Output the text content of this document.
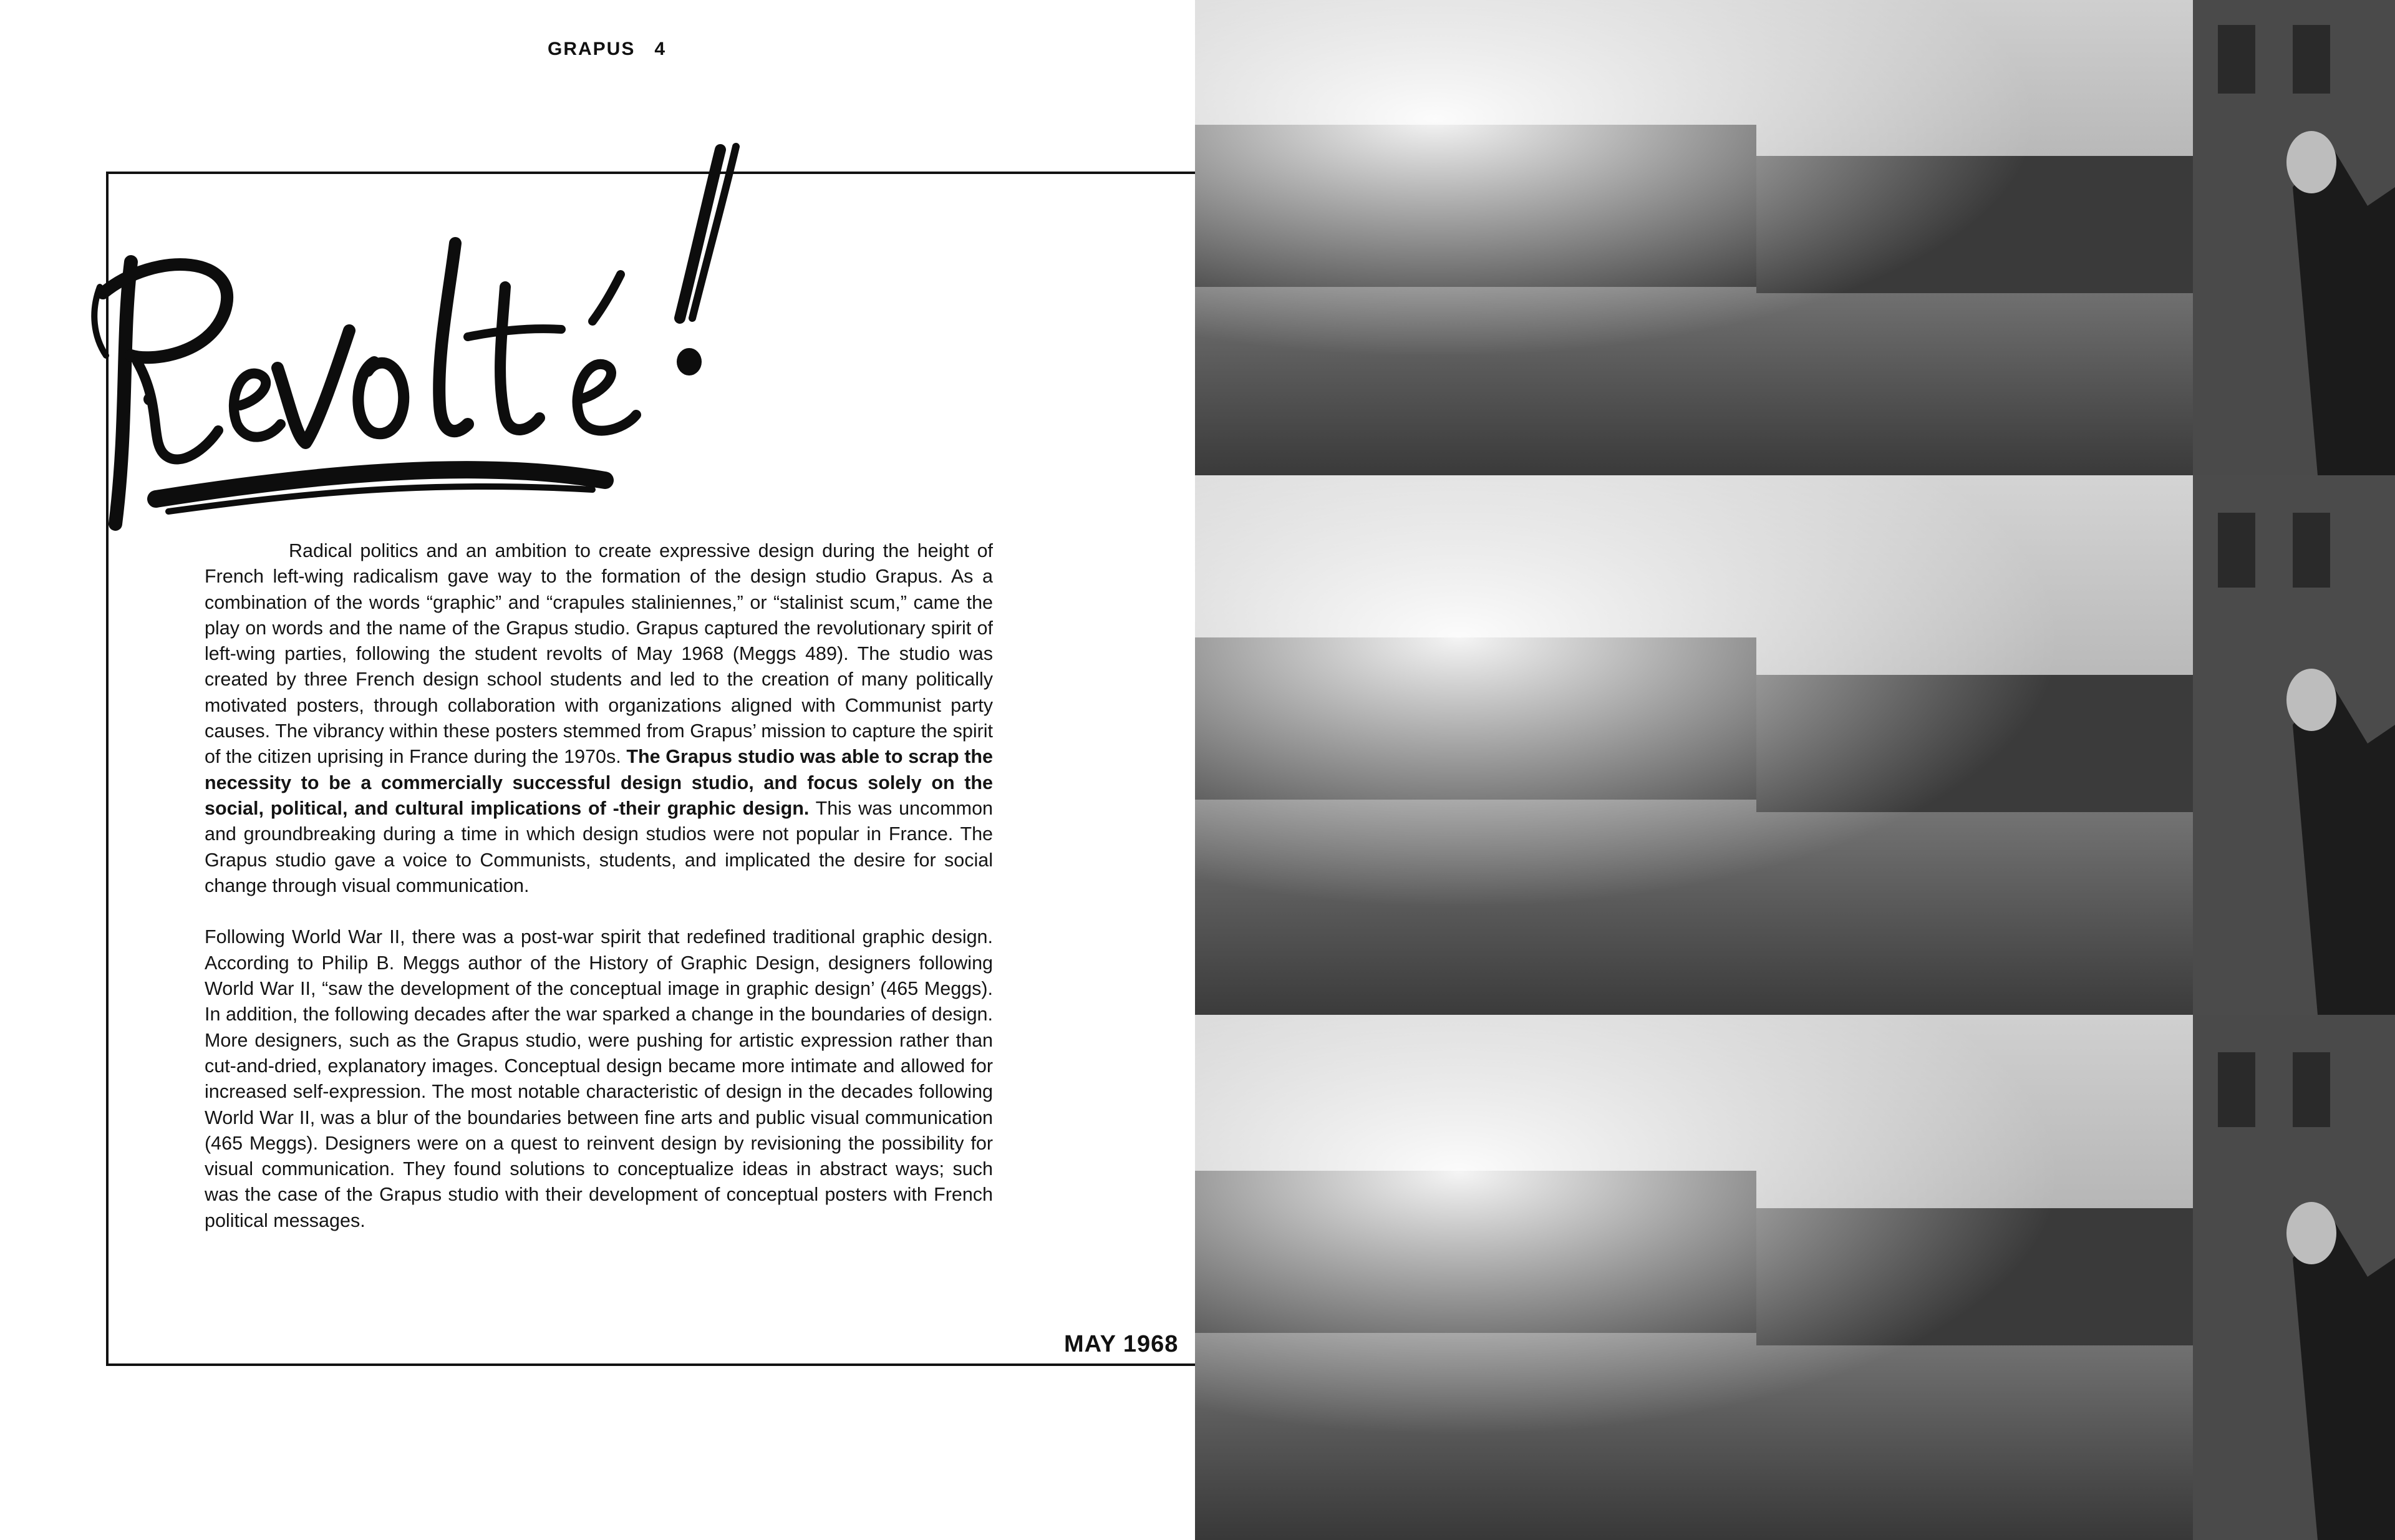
GRAPUS   4

Radical politics and an ambition to create expressive design during the height of French left-wing radicalism gave way to the formation of the design studio Grapus. As a combination of the words “graphic” and “crapules staliniennes,” or “stalinist scum,” came the play on words and the name of the Grapus studio. Grapus captured the revolutionary spirit of left-wing parties, following the student revolts of May 1968 (Meggs 489). The studio was created by three French design school students and led to the creation of many politically motivated posters, through collaboration with organizations aligned with Communist party causes. The vibrancy within these posters stemmed from Grapus’ mission to capture the spirit of the citizen uprising in France during the 1970s. The Grapus studio was able to scrap the necessity to be a commercially successful design studio, and focus solely on the social, political, and cultural implications of -their graphic design. This was uncommon and groundbreaking during a time in which design studios were not popular in France. The Grapus studio gave a voice to Communists, students, and implicated the desire for social change through visual communication.

Following World War II, there was a post-war spirit that redefined traditional graphic design. According to Philip B. Meggs author of the History of Graphic Design, designers following World War II, “saw the development of the conceptual image in graphic design’ (465 Meggs). In addition, the following decades after the war sparked a change in the boundaries of design. More designers, such as the Grapus studio, were pushing for artistic expression rather than cut-and-dried, explanatory images. Conceptual design became more intimate and allowed for increased self-expression. The most notable characteristic of design in the decades following World War II, was a blur of the boundaries between fine arts and public visual communication (465 Meggs). Designers were on a quest to reinvent design by revisioning the possibility for visual communication. They found solutions to conceptualize ideas in abstract ways; such was the case of the Grapus studio with their development of conceptual posters with French political messages.

MAY 1968
